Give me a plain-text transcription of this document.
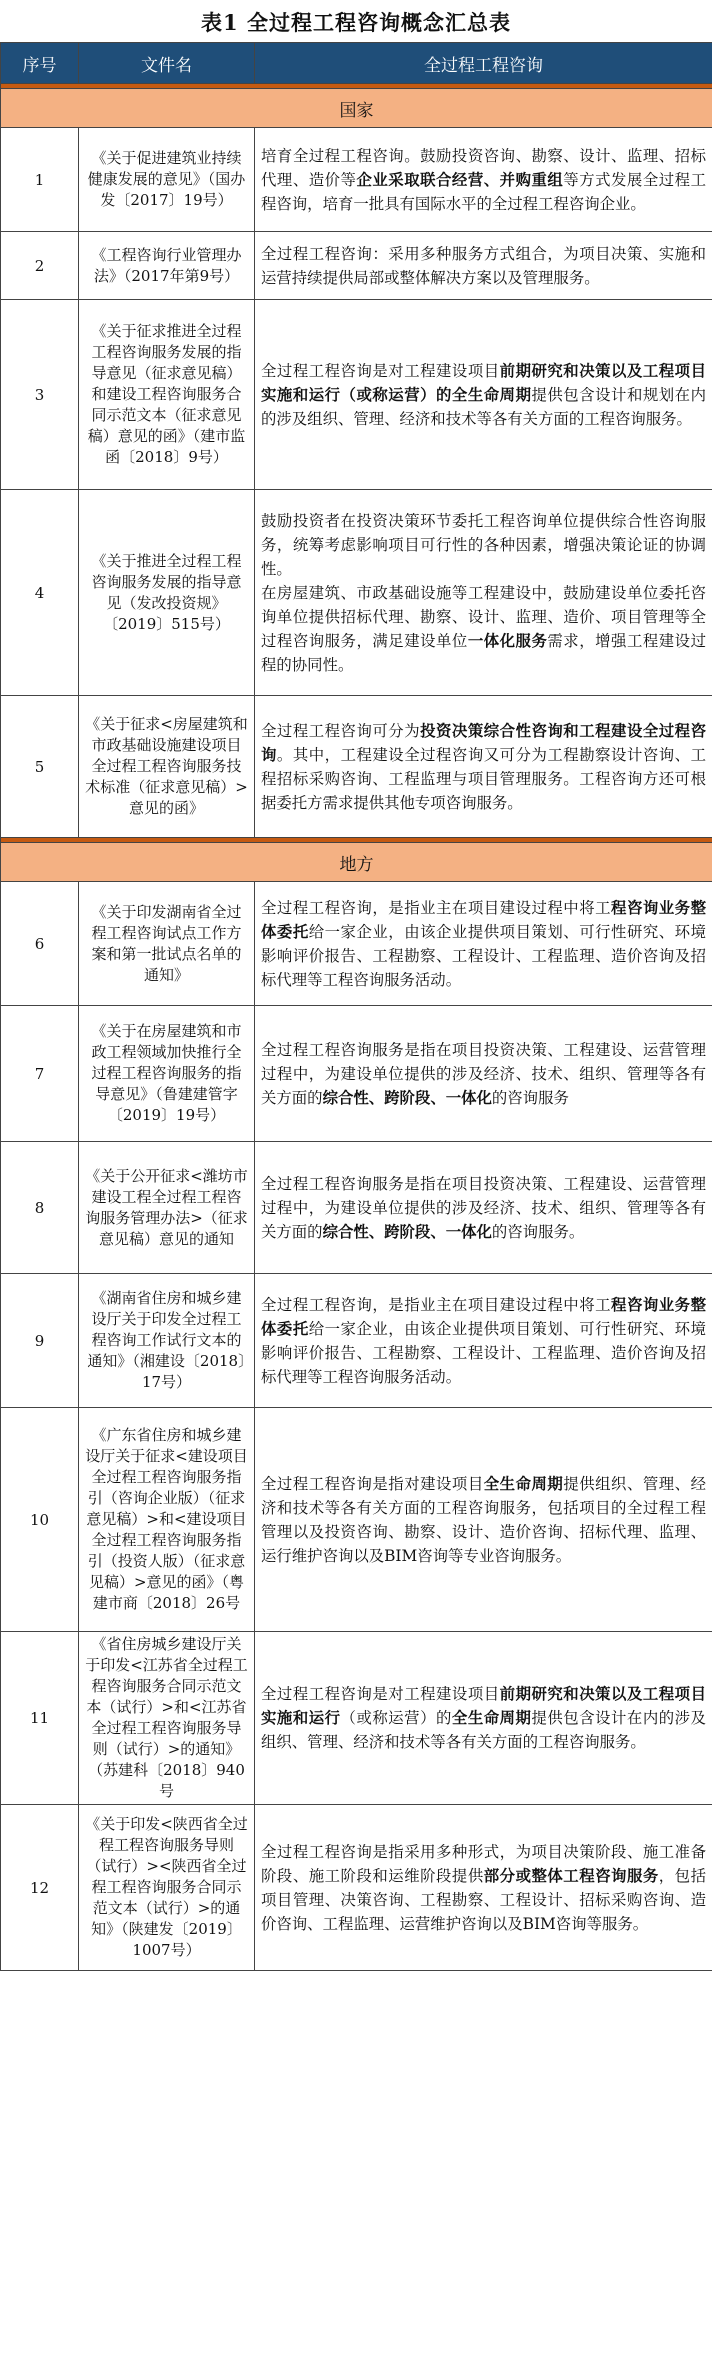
表1 全过程工程咨询概念汇总表
序号	文件名	全过程工程咨询

国家		
1	《关于促进建筑业持续健康发展的意见》（国办发〔2017〕19号）	培育全过程工程咨询。鼓励投资咨询、勘察、设计、监理、招标代理、造价等企业采取联合经营、并购重组等方式发展全过程工程咨询，培育一批具有国际水平的全过程工程咨询企业。
2	《工程咨询行业管理办法》（2017年第9号）	全过程工程咨询：采用多种服务方式组合，为项目决策、实施和运营持续提供局部或整体解决方案以及管理服务。
3	《关于征求推进全过程工程咨询服务发展的指导意见（征求意见稿）和建设工程咨询服务合同示范文本（征求意见稿）意见的函》（建市监函〔2018〕9号）	全过程工程咨询是对工程建设项目前期研究和决策以及工程项目实施和运行（或称运营）的全生命周期提供包含设计和规划在内的涉及组织、管理、经济和技术等各有关方面的工程咨询服务。
4	《关于推进全过程工程咨询服务发展的指导意见（发改投资规》〔2019〕515号）	鼓励投资者在投资决策环节委托工程咨询单位提供综合性咨询服务，统筹考虑影响项目可行性的各种因素，增强决策论证的协调性。
在房屋建筑、市政基础设施等工程建设中，鼓励建设单位委托咨询单位提供招标代理、勘察、设计、监理、造价、项目管理等全过程咨询服务，满足建设单位一体化服务需求，增强工程建设过程的协同性。
5	《关于征求<房屋建筑和市政基础设施建设项目全过程工程咨询服务技术标准（征求意见稿）>意见的函》	全过程工程咨询可分为投资决策综合性咨询和工程建设全过程咨询。其中，工程建设全过程咨询又可分为工程勘察设计咨询、工程招标采购咨询、工程监理与项目管理服务。工程咨询方还可根据委托方需求提供其他专项咨询服务。

地方		
6	《关于印发湖南省全过程工程咨询试点工作方案和第一批试点名单的通知》	全过程工程咨询，是指业主在项目建设过程中将工程咨询业务整体委托给一家企业，由该企业提供项目策划、可行性研究、环境影响评价报告、工程勘察、工程设计、工程监理、造价咨询及招标代理等工程咨询服务活动。
7	《关于在房屋建筑和市政工程领域加快推行全过程工程咨询服务的指导意见》（鲁建建管字〔2019〕19号）	全过程工程咨询服务是指在项目投资决策、工程建设、运营管理过程中，为建设单位提供的涉及经济、技术、组织、管理等各有关方面的综合性、跨阶段、一体化的咨询服务
8	《关于公开征求<潍坊市建设工程全过程工程咨询服务管理办法>（征求意见稿）意见的通知	全过程工程咨询服务是指在项目投资决策、工程建设、运营管理过程中，为建设单位提供的涉及经济、技术、组织、管理等各有关方面的综合性、跨阶段、一体化的咨询服务。
9	《湖南省住房和城乡建设厅关于印发全过程工程咨询工作试行文本的通知》（湘建设〔2018〕17号）	全过程工程咨询，是指业主在项目建设过程中将工程咨询业务整体委托给一家企业，由该企业提供项目策划、可行性研究、环境影响评价报告、工程勘察、工程设计、工程监理、造价咨询及招标代理等工程咨询服务活动。
10	《广东省住房和城乡建设厅关于征求<建设项目全过程工程咨询服务指引（咨询企业版）（征求意见稿）>和<建设项目全过程工程咨询服务指引（投资人版）（征求意见稿）>意见的函》（粤建市商〔2018〕26号	全过程工程咨询是指对建设项目全生命周期提供组织、管理、经济和技术等各有关方面的工程咨询服务，包括项目的全过程工程管理以及投资咨询、勘察、设计、造价咨询、招标代理、监理、运行维护咨询以及BIM咨询等专业咨询服务。
11	《省住房城乡建设厅关于印发<江苏省全过程工程咨询服务合同示范文本（试行）>和<江苏省全过程工程咨询服务导则（试行）>的通知》（苏建科〔2018〕940号	全过程工程咨询是对工程建设项目前期研究和决策以及工程项目实施和运行（或称运营）的全生命周期提供包含设计在内的涉及组织、管理、经济和技术等各有关方面的工程咨询服务。
12	《关于印发<陕西省全过程工程咨询服务导则（试行）><陕西省全过程工程咨询服务合同示范文本（试行）>的通知》（陕建发〔2019〕1007号）	全过程工程咨询是指采用多种形式，为项目决策阶段、施工准备阶段、施工阶段和运维阶段提供部分或整体工程咨询服务，包括项目管理、决策咨询、工程勘察、工程设计、招标采购咨询、造价咨询、工程监理、运营维护咨询以及BIM咨询等服务。
